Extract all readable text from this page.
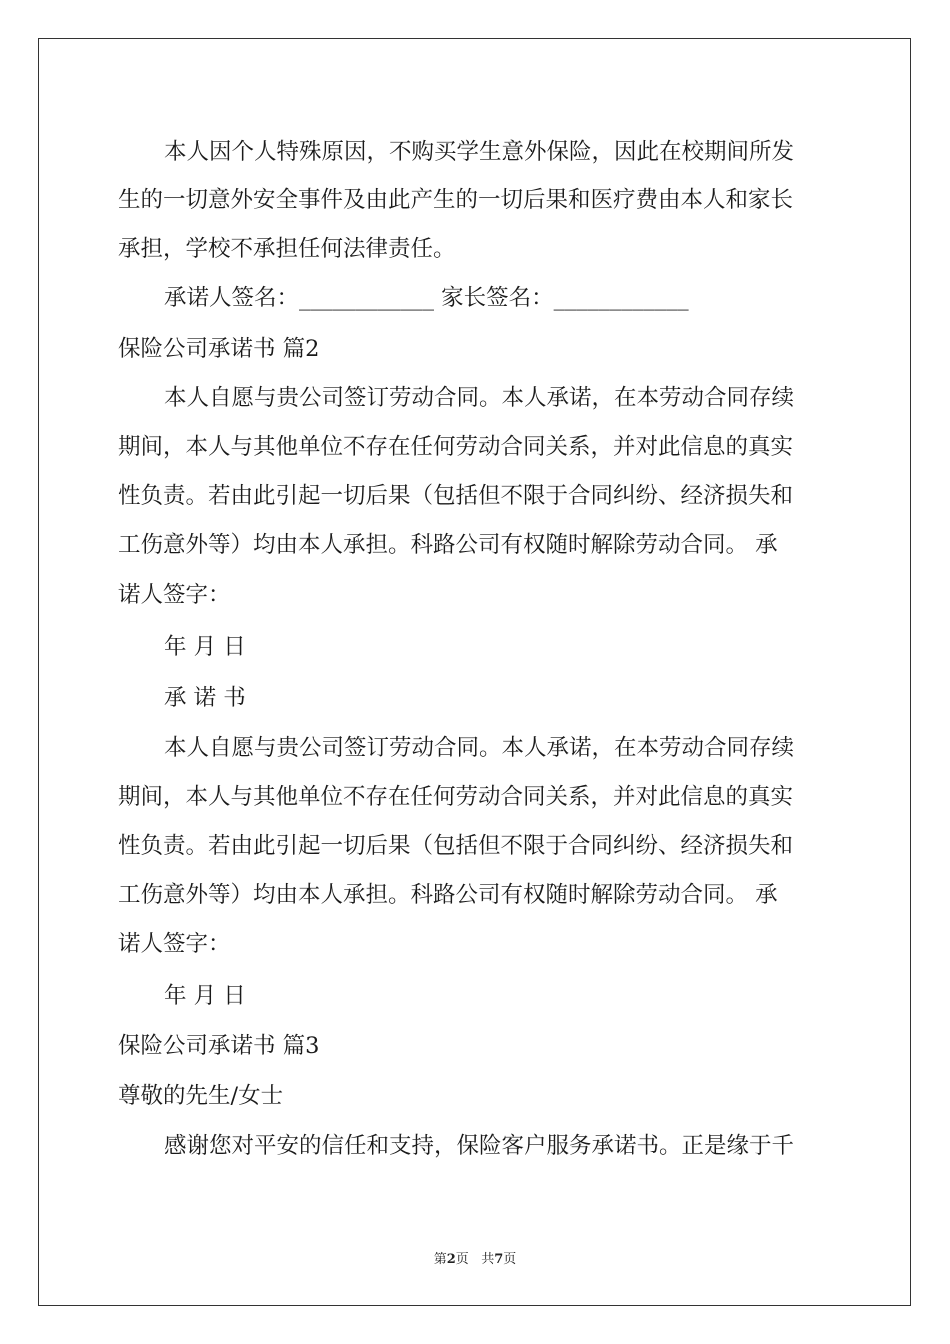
本人因个人特殊原因，不购买学生意外保险，因此在校期间所发

生的一切意外安全事件及由此产生的一切后果和医疗费由本人和家长

承担，学校不承担任何法律责任。

承诺人签名：____________ 家长签名：____________

保险公司承诺书 篇2

本人自愿与贵公司签订劳动合同。本人承诺，在本劳动合同存续

期间，本人与其他单位不存在任何劳动合同关系，并对此信息的真实

性负责。若由此引起一切后果（包括但不限于合同纠纷、经济损失和

工伤意外等）均由本人承担。科路公司有权随时解除劳动合同。 承

诺人签字：

年 月 日

承 诺 书

本人自愿与贵公司签订劳动合同。本人承诺，在本劳动合同存续

期间，本人与其他单位不存在任何劳动合同关系，并对此信息的真实

性负责。若由此引起一切后果（包括但不限于合同纠纷、经济损失和

工伤意外等）均由本人承担。科路公司有权随时解除劳动合同。 承

诺人签字：

年 月 日

保险公司承诺书 篇3

尊敬的先生/女士

感谢您对平安的信任和支持，保险客户服务承诺书。正是缘于千

第2页 共7页
